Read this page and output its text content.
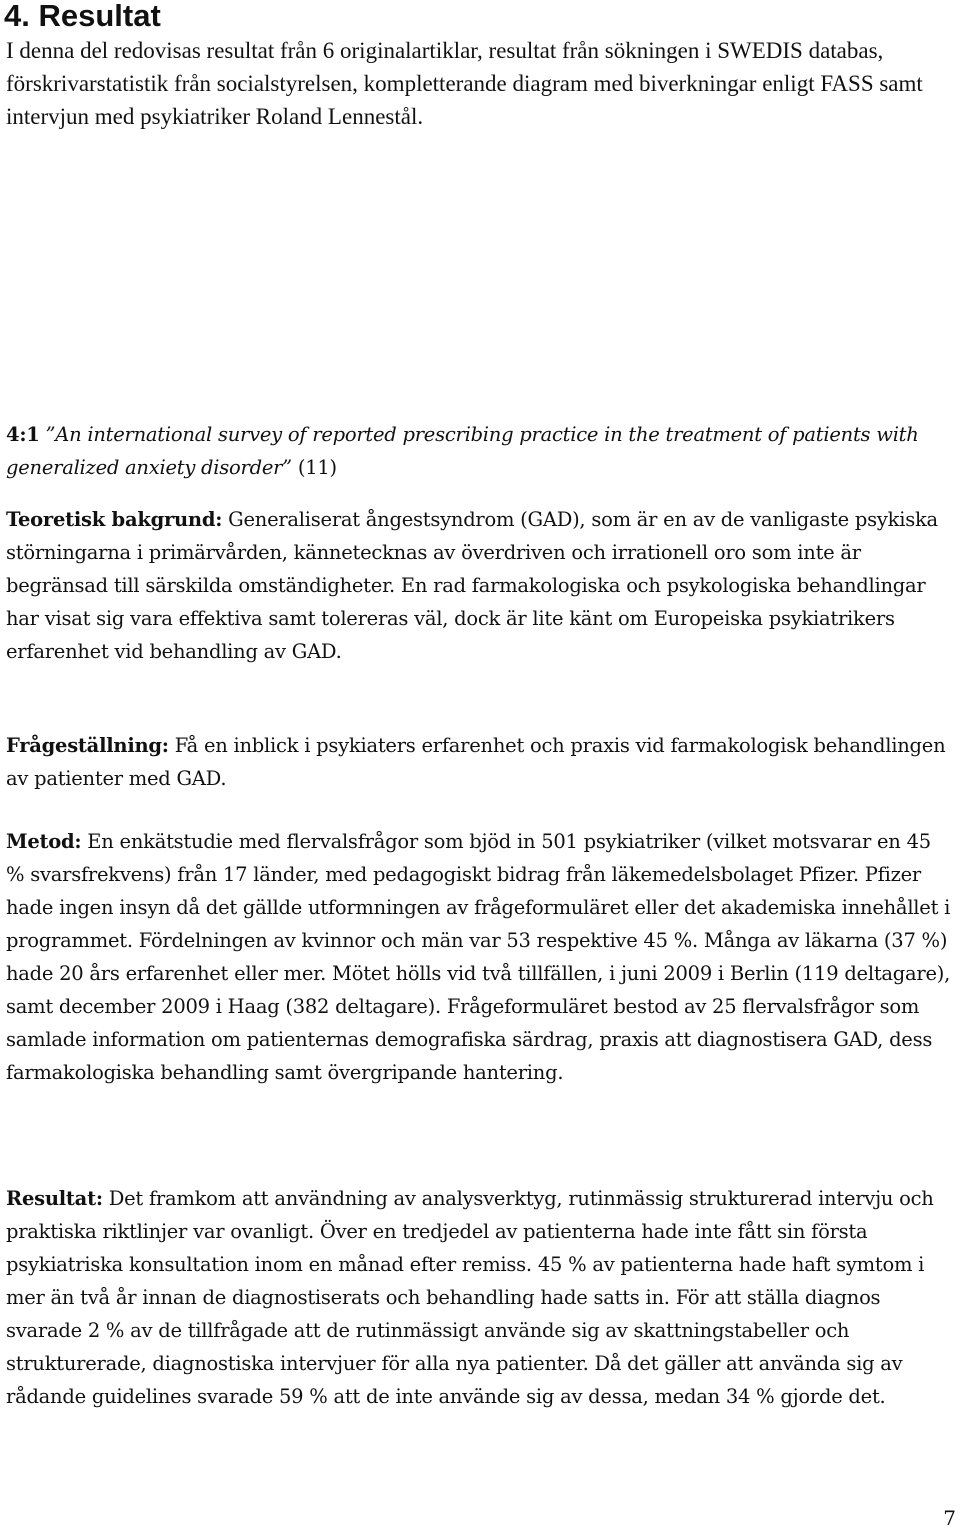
4. Resultat

I denna del redovisas resultat från 6 originalartiklar, resultat från sökningen i SWEDIS databas, förskrivarstatistik från socialstyrelsen, kompletterande diagram med biverkningar enligt FASS samt intervjun med psykiatriker Roland Lennestål.

4:1 ”An international survey of reported prescribing practice in the treatment of patients with generalized anxiety disorder” (11)

Teoretisk bakgrund: Generaliserat ångestsyndrom (GAD), som är en av de vanligaste psykiska störningarna i primärvården, kännetecknas av överdriven och irrationell oro som inte är begränsad till särskilda omständigheter. En rad farmakologiska och psykologiska behandlingar har visat sig vara effektiva samt tolereras väl, dock är lite känt om Europeiska psykiatrikers erfarenhet vid behandling av GAD.

Frågeställning: Få en inblick i psykiaters erfarenhet och praxis vid farmakologisk behandlingen av patienter med GAD.

Metod: En enkätstudie med flervalsfrågor som bjöd in 501 psykiatriker (vilket motsvarar en 45 % svarsfrekvens) från 17 länder, med pedagogiskt bidrag från läkemedelsbolaget Pfizer. Pfizer hade ingen insyn då det gällde utformningen av frågeformuläret eller det akademiska innehållet i programmet. Fördelningen av kvinnor och män var 53 respektive 45 %. Många av läkarna (37 %) hade 20 års erfarenhet eller mer. Mötet hölls vid två tillfällen, i juni 2009 i Berlin (119 deltagare), samt december 2009 i Haag (382 deltagare). Frågeformuläret bestod av 25 flervalsfrågor som samlade information om patienternas demografiska särdrag, praxis att diagnostisera GAD, dess farmakologiska behandling samt övergripande hantering.

Resultat: Det framkom att användning av analysverktyg, rutinmässig strukturerad intervju och praktiska riktlinjer var ovanligt. Över en tredjedel av patienterna hade inte fått sin första psykiatriska konsultation inom en månad efter remiss. 45 % av patienterna hade haft symtom i mer än två år innan de diagnostiserats och behandling hade satts in. För att ställa diagnos svarade 2 % av de tillfrågade att de rutinmässigt använde sig av skattningstabeller och strukturerade, diagnostiska intervjuer för alla nya patienter. Då det gäller att använda sig av rådande guidelines svarade 59 % att de inte använde sig av dessa, medan 34 % gjorde det.

7
